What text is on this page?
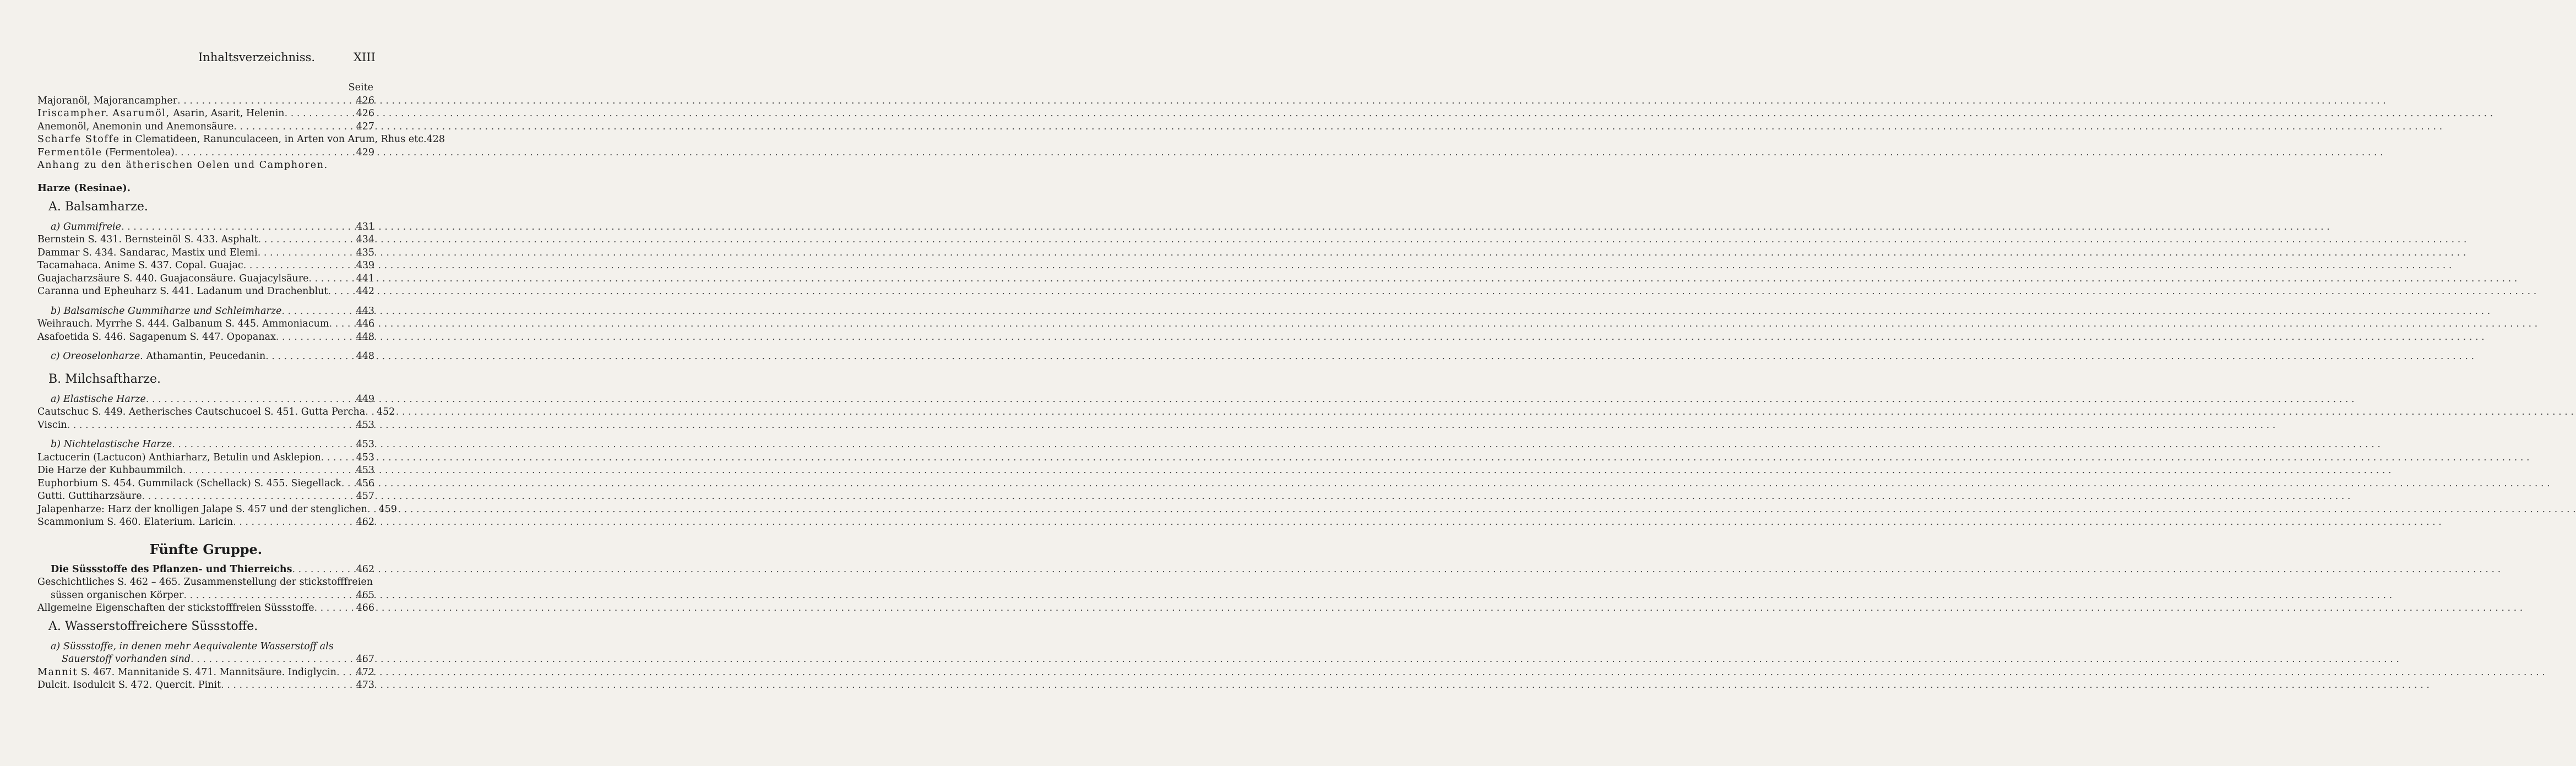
Inhaltsverzeichniss.	XIII
Seite
Majoranöl, Majorancampher . . .	426
Iriscampher. Asarumöl, Asarin, Asarit, Helenin . . .	426
Anemonöl, Anemonin und Anemonsäure . . .	427
Scharfe Stoffe in Clematideen, Ranunculaceen, in Arten von Arum, Rhus etc. 428
Fermentöle (Fermentolea) . . .	429
Anhang zu den ätherischen Oelen und Camphoren.
Harze (Resinae).
A. Balsamharze.
a) Gummifreie . . .	431
Bernstein S. 431. Bernsteinöl S. 433. Asphalt . . .	434
Dammar S. 434. Sandarac, Mastix und Elemi . . .	435
Tacamahaca. Anime S. 437. Copal. Guajac . . .	439
Guajacharzsäure S. 440. Guajaconsäure. Guajacylsäure . . .	441
Caranna und Epheuharz S. 441. Ladanum und Drachenblut . . .	442
b) Balsamische Gummiharze und Schleimharze . . .	443
Weihrauch. Myrrhe S. 444. Galbanum S. 445. Ammoniacum . . .	446
Asafoetida S. 446. Sagapenum S. 447. Opopanax . . .	448
c) Oreoselonharze. Athamantin, Peucedanin . . .	448
B. Milchsaftharze.
a) Elastische Harze . . .	449
Cautschuc S. 449. Aetherisches Cautschucoel S. 451. Gutta Percha . . .	452
Viscin . . .	453
b) Nichtelastische Harze . . .	453
Lactucerin (Lactucon) Anthiarharz, Betulin und Asklepion . . .	453
Die Harze der Kuhbaummilch . . .	453
Euphorbium S. 454. Gummilack (Schellack) S. 455. Siegellack . . .	456
Gutti. Guttiharzsäure . . .	457
Jalapenharze: Harz der knolligen Jalape S. 457 und der stenglichen . . .	459
Scammonium S. 460. Elaterium. Laricin . . .	462
Fünfte Gruppe.
Die Süssstoffe des Pflanzen- und Thierreichs . . .	462
Geschichtliches S. 462 – 465. Zusammenstellung der stickstofffreien
süssen organischen Körper . . .	465
Allgemeine Eigenschaften der stickstofffreien Süssstoffe . . .	466
A. Wasserstoffreichere Süssstoffe.
a) Süssstoffe, in denen mehr Aequivalente Wasserstoff als
Sauerstoff vorhanden sind . . .	467
Mannit S. 467. Mannitanide S. 471. Mannitsäure. Indiglycin . . .	472
Dulcit. Isodulcit S. 472. Quercit. Pinit . . .	473
